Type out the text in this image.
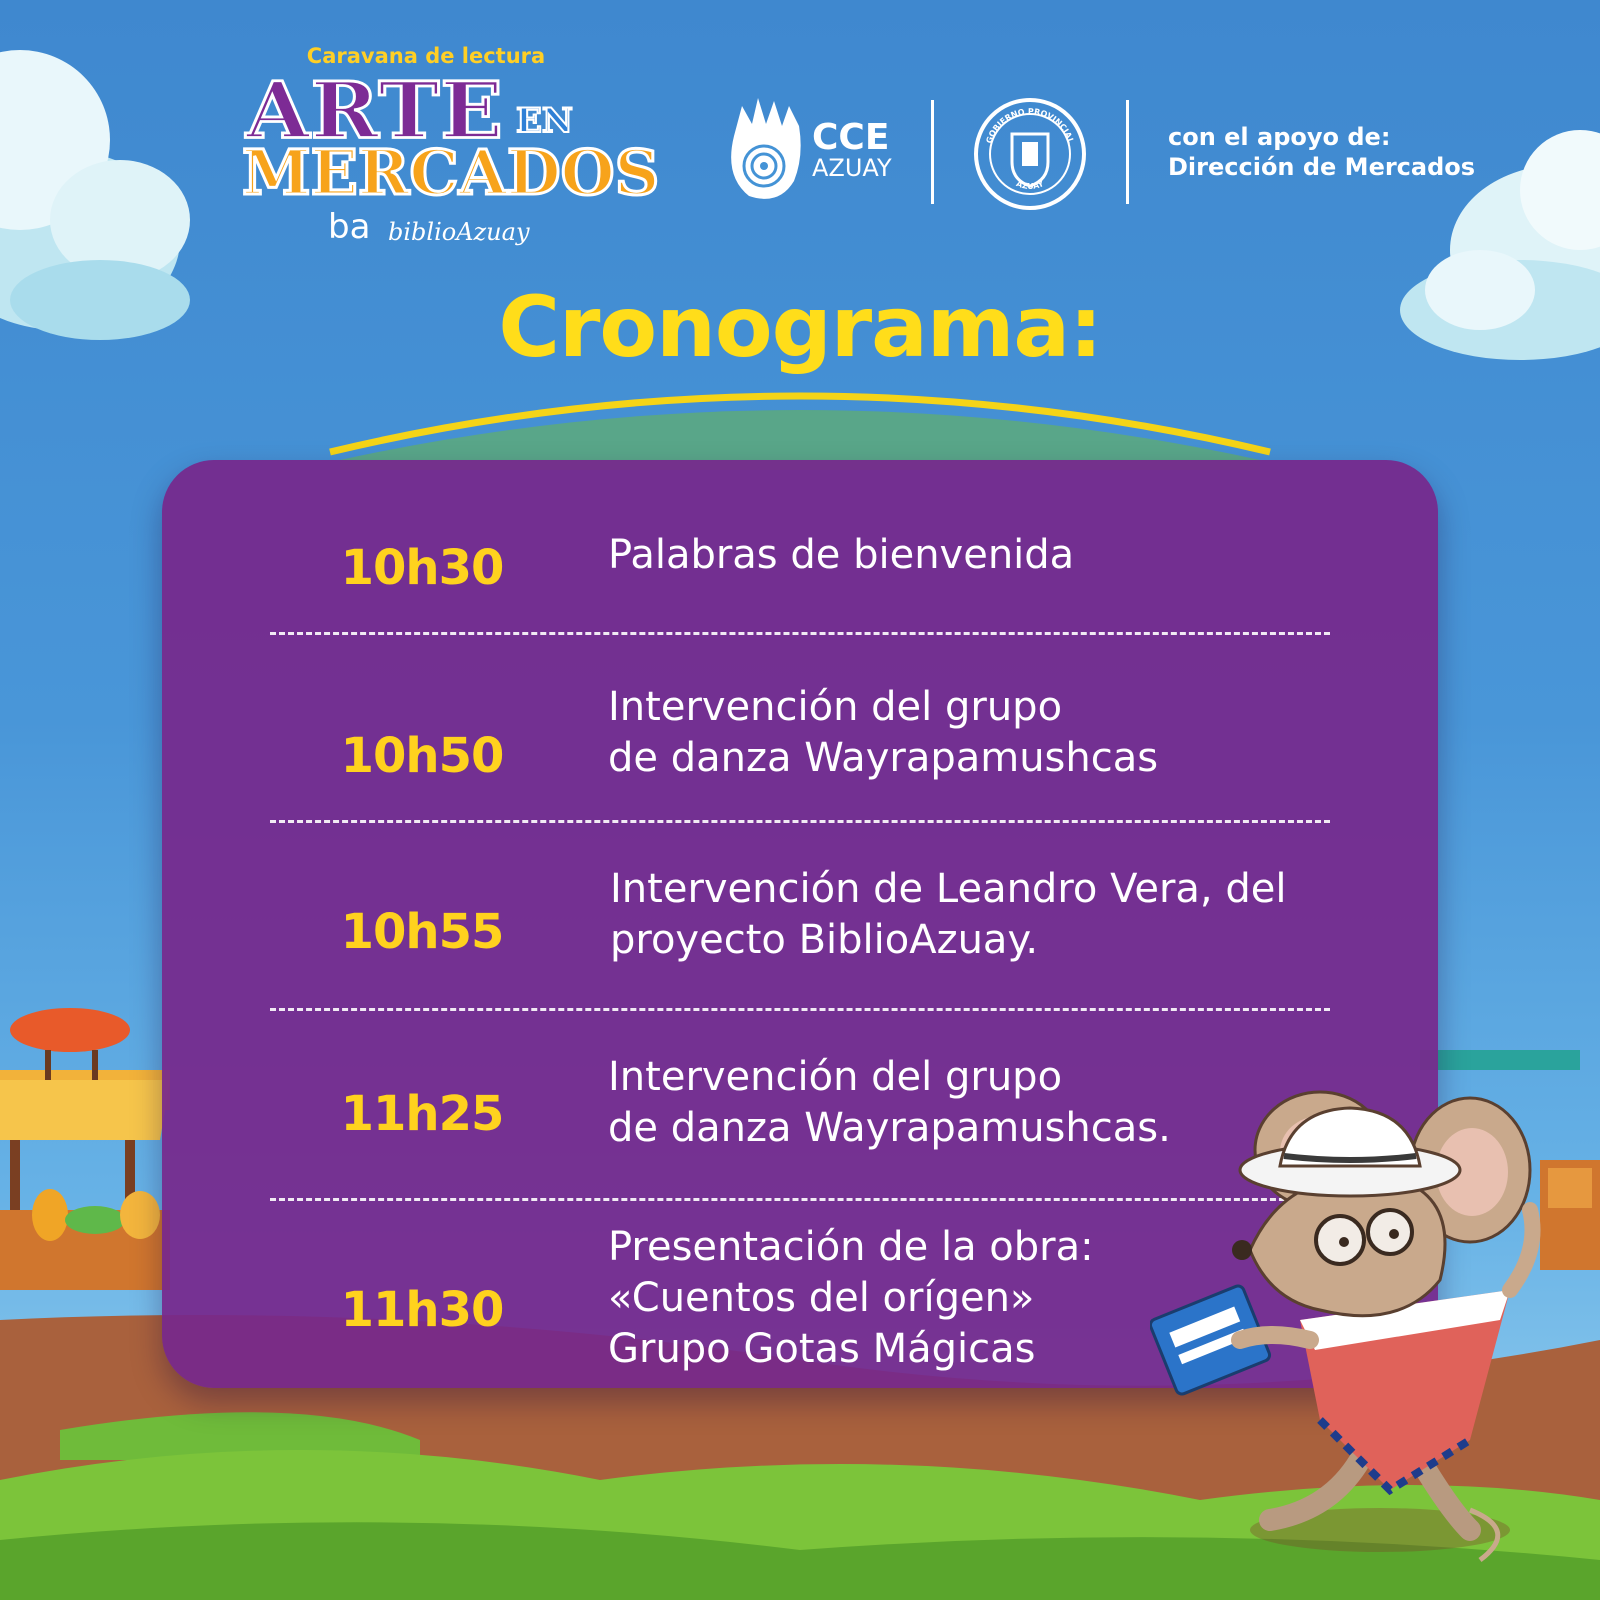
Caravana de lectura
ARTE EN
MERCADOS
ba biblioAzuay
CCE
AZUAY
GOBIERNO PROVINCIAL
AZUAY
con el apoyo de:
Dirección de Mercados
Cronograma:
10h30	Palabras de bienvenida
10h50
Intervención del grupo
de danza Wayrapamushcas
10h55
Intervención de Leandro Vera, del
proyecto BiblioAzuay.
11h25
Intervención del grupo
de danza Wayrapamushcas.
11h30
Presentación de la obra:
«Cuentos del orígen»
Grupo Gotas Mágicas
